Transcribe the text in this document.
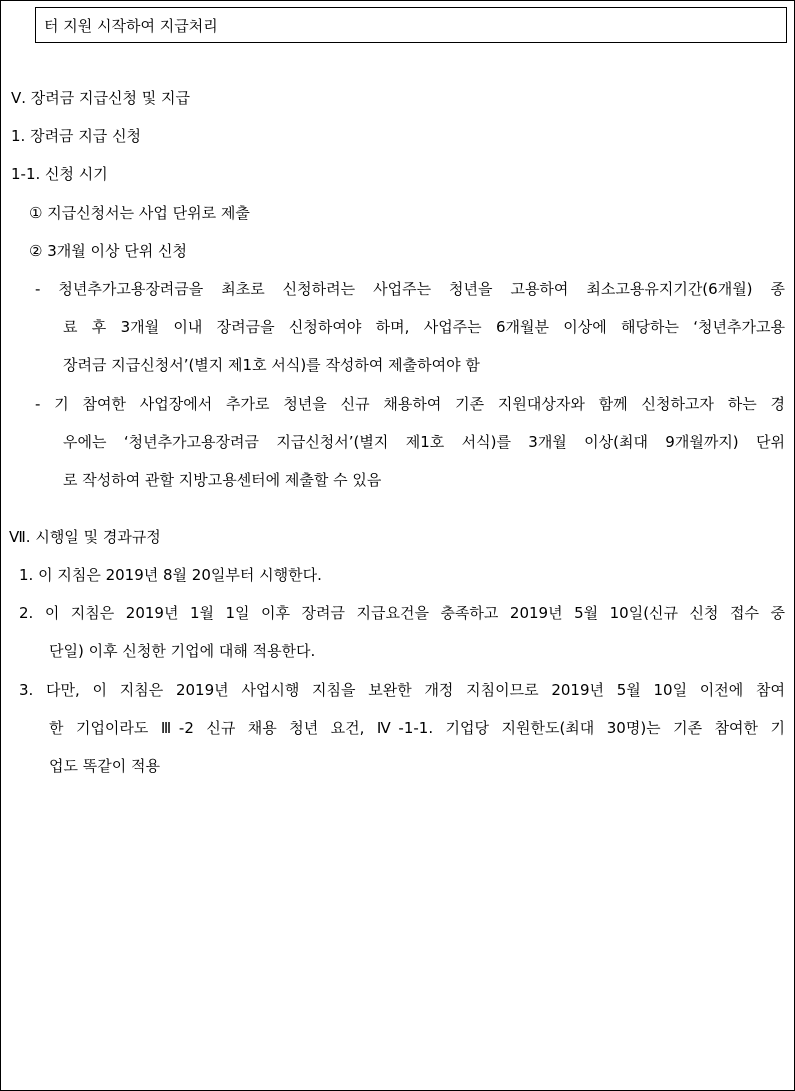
터 지원 시작하여 지급처리
Ⅴ. 장려금 지급신청 및 지급
1. 장려금 지급 신청
1-1. 신청 시기
① 지급신청서는 사업 단위로 제출
② 3개월 이상 단위 신청
- 청년추가고용장려금을 최초로 신청하려는 사업주는 청년을 고용하여 최소고용유지기간(6개월) 종
료 후 3개월 이내 장려금을 신청하여야 하며, 사업주는 6개월분 이상에 해당하는 ‘청년추가고용
장려금 지급신청서’(별지 제1호 서식)를 작성하여 제출하여야 함
- 기 참여한 사업장에서 추가로 청년을 신규 채용하여 기존 지원대상자와 함께 신청하고자 하는 경
우에는 ‘청년추가고용장려금 지급신청서’(별지 제1호 서식)를 3개월 이상(최대 9개월까지) 단위
로 작성하여 관할 지방고용센터에 제출할 수 있음
Ⅶ. 시행일 및 경과규정
1. 이 지침은 2019년 8월 20일부터 시행한다.
2. 이 지침은 2019년 1월 1일 이후 장려금 지급요건을 충족하고 2019년 5월 10일(신규 신청 접수 중
단일) 이후 신청한 기업에 대해 적용한다.
3. 다만, 이 지침은 2019년 사업시행 지침을 보완한 개정 지침이므로 2019년 5월 10일 이전에 참여
한 기업이라도 Ⅲ-2 신규 채용 청년 요건, Ⅳ-1-1. 기업당 지원한도(최대 30명)는 기존 참여한 기
업도 똑같이 적용
